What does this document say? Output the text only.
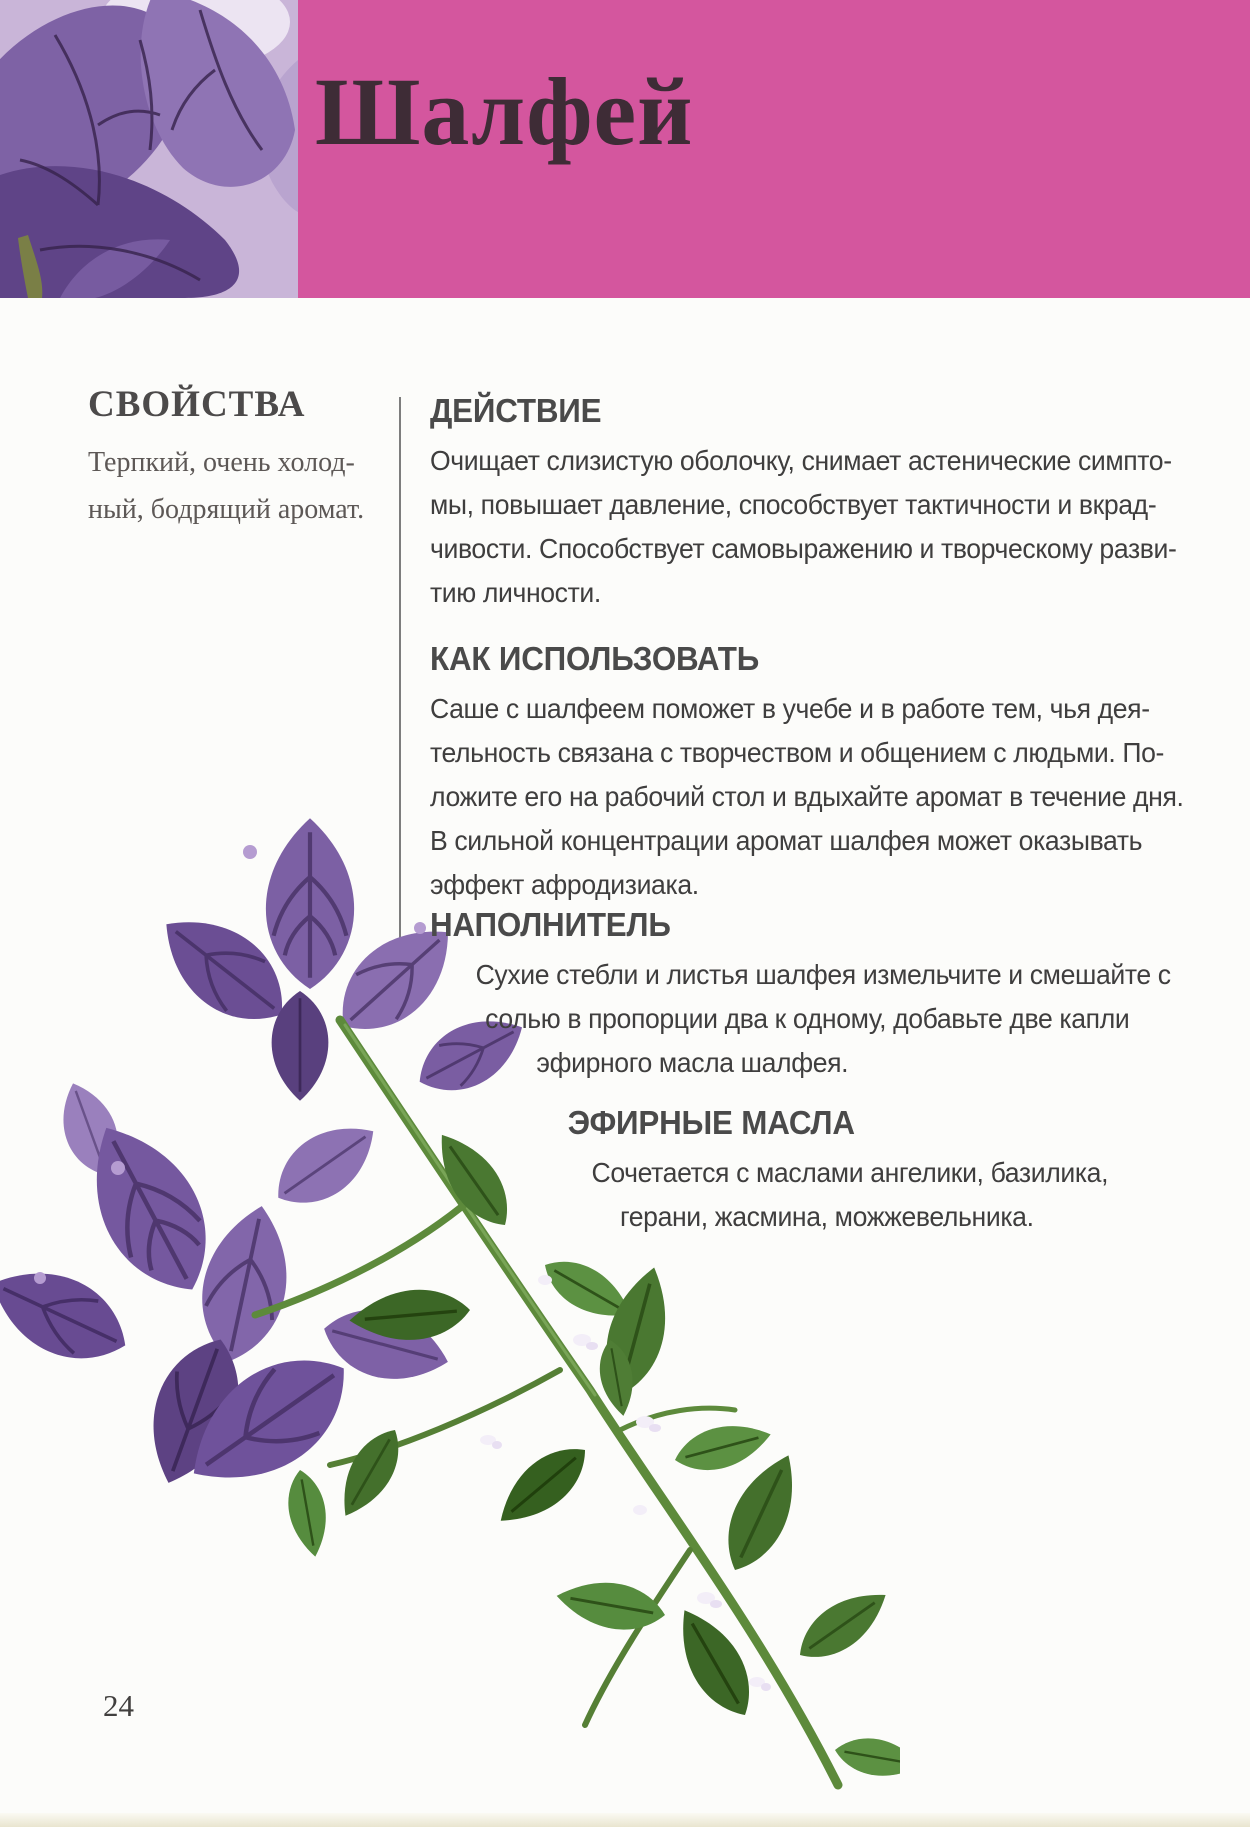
Шалфей
СВОЙСТВА
Терпкий, очень холод-
ный, бодрящий аромат.
ДЕЙСТВИЕ
Очищает слизистую оболочку, снимает астенические симпто-
мы, повышает давление, способствует тактичности и вкрад-
чивости. Способствует самовыражению и творческому разви-
тию личности.
КАК ИСПОЛЬЗОВАТЬ
Саше с шалфеем поможет в учебе и в работе тем, чья дея-
тельность связана с творчеством и общением с людьми. По-
ложите его на рабочий стол и вдыхайте аромат в течение дня.
В сильной концентрации аромат шалфея может оказывать
эффект афродизиака.
НАПОЛНИТЕЛЬ
Сухие стебли и листья шалфея измельчите и смешайте с
солью в пропорции два к одному, добавьте две капли
эфирного масла шалфея.
ЭФИРНЫЕ МАСЛА
Сочетается с маслами ангелики, базилика,
герани, жасмина, можжевельника.
24
